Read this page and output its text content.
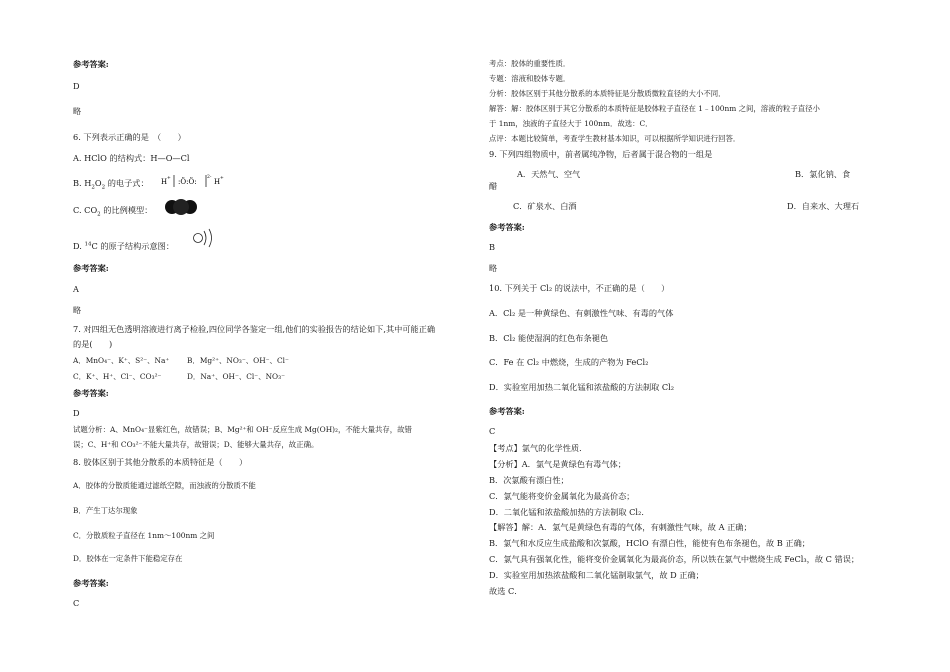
参考答案:
D
略
6. 下列表示正确的是　（　　）
A. HClO 的结构式：H—O—Cl
B. $H_2O_2$ 的电子式： H + :Ö:Ö:
2-
H +
C. $CO_2$ 的比例模型：
D. $^{14}$C 的原子结构示意图：
参考答案:
A
略
7. 对四组无色透明溶液进行离子检验,四位同学各鉴定一组,他们的实验报告的结论如下,其中可能正确
的是(　　)
A．MnO₄⁻、K⁺、S²⁻、Na⁺ B．Mg²⁺、NO₃⁻、OH⁻、Cl⁻
C．K⁺、H⁺、Cl⁻、CO₃²⁻	D．Na⁺、OH⁻、Cl⁻、NO₃⁻
参考答案:
D
试题分析：A、MnO₄⁻显紫红色，故错误；B、Mg²⁺和 OH⁻反应生成 Mg(OH)₂，不能大量共存，故错
误；C、H⁺和 CO₃²⁻不能大量共存，故错误；D、能够大量共存，故正确。
8. 胶体区别于其他分散系的本质特征是（　　）
A．胶体的分散质能通过滤纸空隙，而浊液的分散质不能
B．产生丁达尔现象
C．分散质粒子直径在 1nm～100nm 之间
D．胶体在一定条件下能稳定存在
参考答案:
C
考点：胶体的重要性质．
专题：溶液和胶体专题．
分析：胶体区别于其他分散系的本质特征是分散质微粒直径的大小不同．
解答：解：胶体区别于其它分散系的本质特征是胶体粒子直径在 1﹣100nm 之间，溶液的粒子直径小
于 1nm，浊液的子直径大于 100nm．故选：C．
点评：本题比较简单，考查学生教材基本知识，可以根据所学知识进行回答．
9. 下列四组物质中，前者属纯净物，后者属于混合物的一组是
A．天然气、空气	B．氯化钠、食
醋
C．矿泉水、白酒	D．自来水、大理石
参考答案:
B
略
10. 下列关于 Cl₂ 的说法中，不正确的是（　　）
A．Cl₂ 是一种黄绿色、有刺激性气味、有毒的气体
B．Cl₂ 能使湿润的红色布条褪色
C．Fe 在 Cl₂ 中燃烧，生成的产物为 FeCl₂
D．实验室用加热二氧化锰和浓盐酸的方法制取 Cl₂
参考答案:
C
【考点】氯气的化学性质．
【分析】A．氯气是黄绿色有毒气体；
B．次氯酸有漂白性；
C．氯气能将变价金属氧化为最高价态；
D．二氧化锰和浓盐酸加热的方法制取 Cl₂．
【解答】解：A．氯气是黄绿色有毒的气体，有刺激性气味，故 A 正确；
B．氯气和水反应生成盐酸和次氯酸，HClO 有漂白性，能使有色布条褪色，故 B 正确；
C．氯气具有强氧化性，能将变价金属氧化为最高价态，所以铁在氯气中燃烧生成 FeCl₃，故 C 错误；
D．实验室用加热浓盐酸和二氧化锰制取氯气，故 D 正确；
故选 C．
